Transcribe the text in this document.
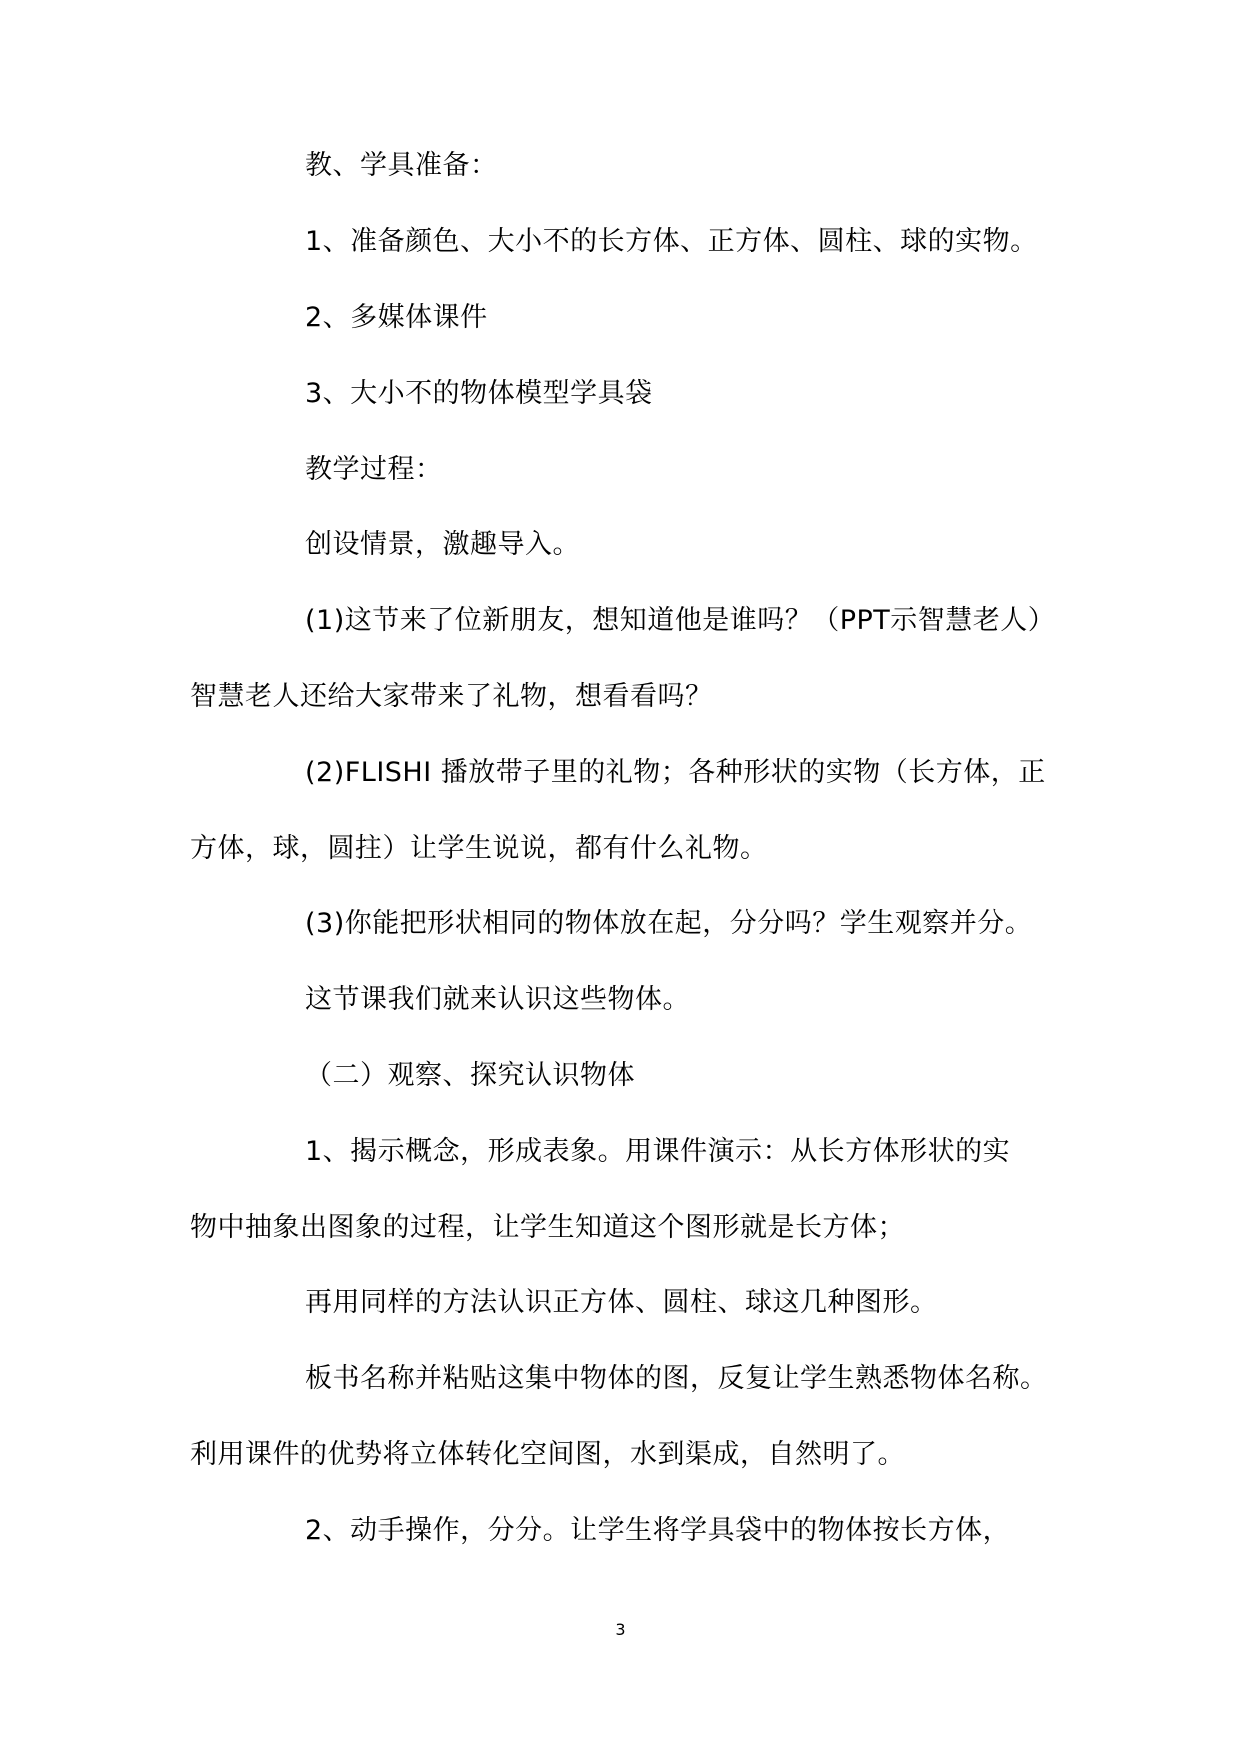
教、学具准备：
1、准备颜色、大小不的长方体、正方体、圆柱、球的实物。
2、多媒体课件
3、大小不的物体模型学具袋
教学过程：
创设情景，激趣导入。
(1)这节来了位新朋友，想知道他是谁吗？（PPT示智慧老人）
智慧老人还给大家带来了礼物，想看看吗？
(2)FLISHI 播放带子里的礼物；各种形状的实物（长方体，正
方体，球，圆拄）让学生说说，都有什么礼物。
(3)你能把形状相同的物体放在起，分分吗？学生观察并分。
这节课我们就来认识这些物体。
（二）观察、探究认识物体
1、揭示概念，形成表象。用课件演示：从长方体形状的实
物中抽象出图象的过程，让学生知道这个图形就是长方体；
再用同样的方法认识正方体、圆柱、球这几种图形。
板书名称并粘贴这集中物体的图，反复让学生熟悉物体名称。
利用课件的优势将立体转化空间图，水到渠成，自然明了。
2、动手操作，分分。让学生将学具袋中的物体按长方体，
3
